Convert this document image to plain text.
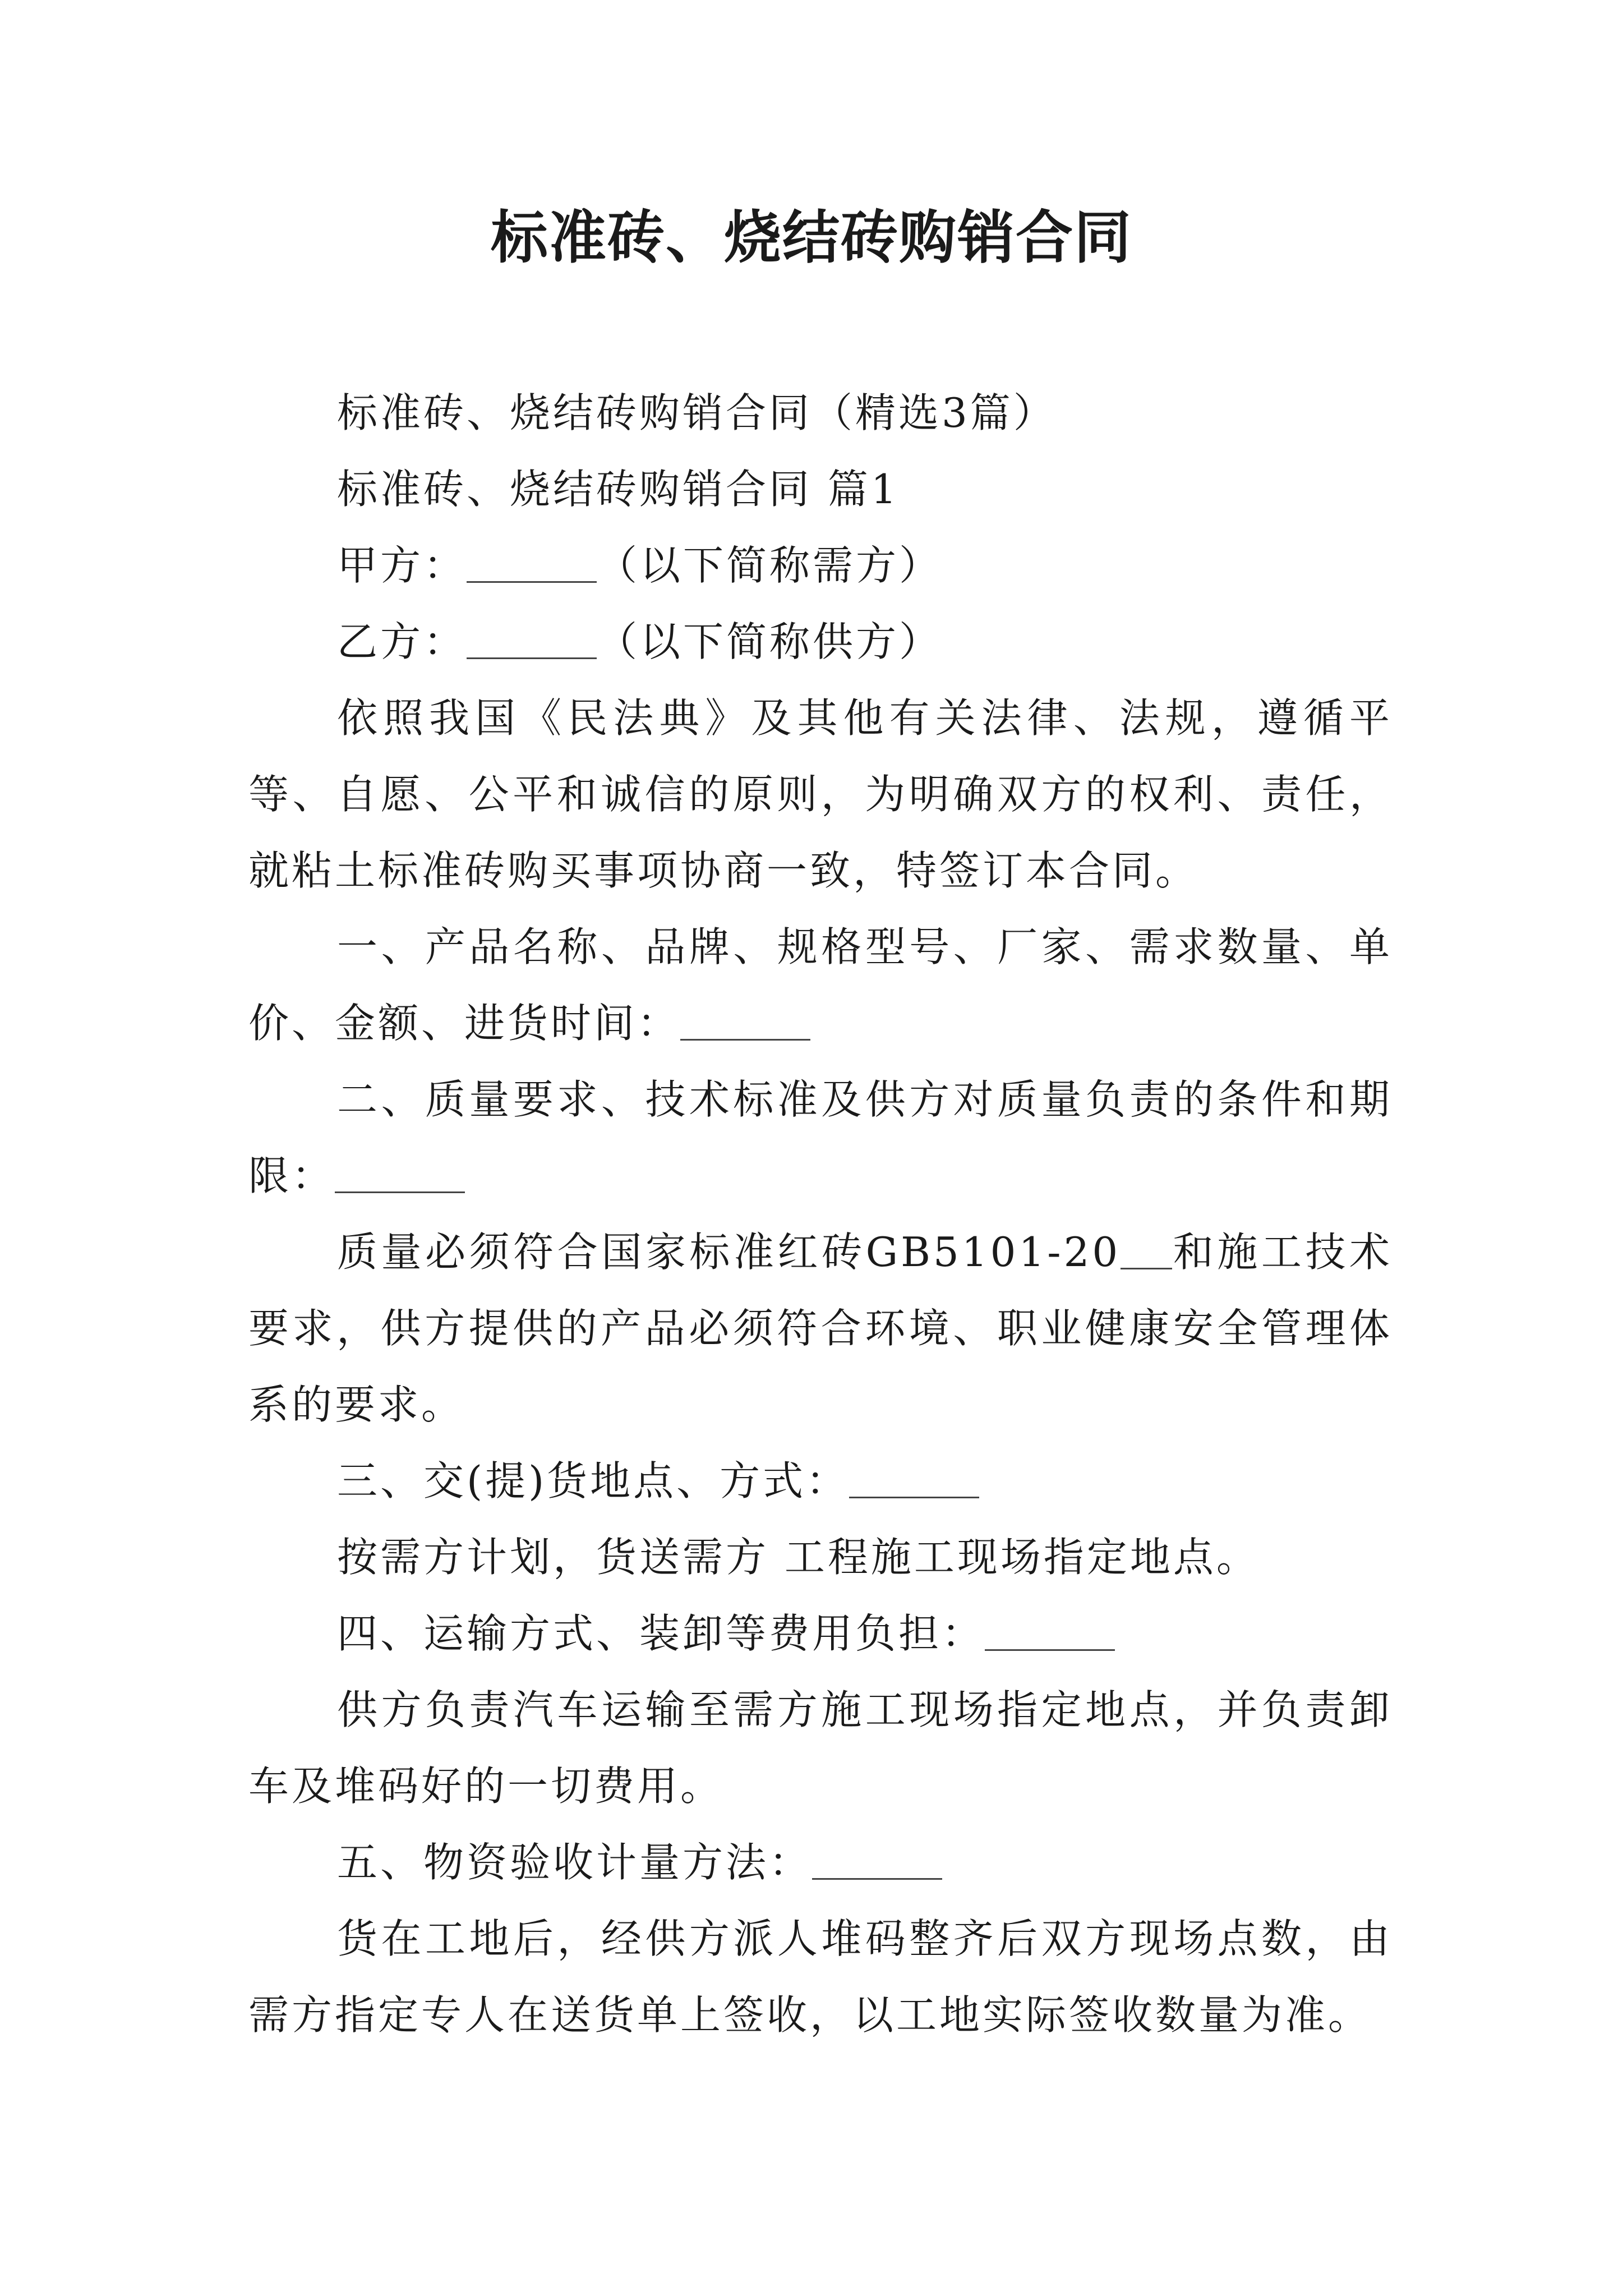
标准砖、烧结砖购销合同

标准砖、烧结砖购销合同（精选3篇）

标准砖、烧结砖购销合同 篇1

甲方：	（以下简称需方）

乙方：	（以下简称供方）

依照我国《民法典》及其他有关法律、法规，遵循平等、自愿、公平和诚信的原则，为明确双方的权利、责任，就粘土标准砖购买事项协商一致，特签订本合同。

一、产品名称、品牌、规格型号、厂家、需求数量、单价、金额、进货时间：

二、质量要求、技术标准及供方对质量负责的条件和期限：

质量必须符合国家标准红砖GB5101-20 和施工技术要求，供方提供的产品必须符合环境、职业健康安全管理体系的要求。

三、交(提)货地点、方式：

按需方计划，货送需方 工程施工现场指定地点。

四、运输方式、装卸等费用负担：

供方负责汽车运输至需方施工现场指定地点，并负责卸车及堆码好的一切费用。

五、物资验收计量方法：

货在工地后，经供方派人堆码整齐后双方现场点数，由需方指定专人在送货单上签收，以工地实际签收数量为准。
